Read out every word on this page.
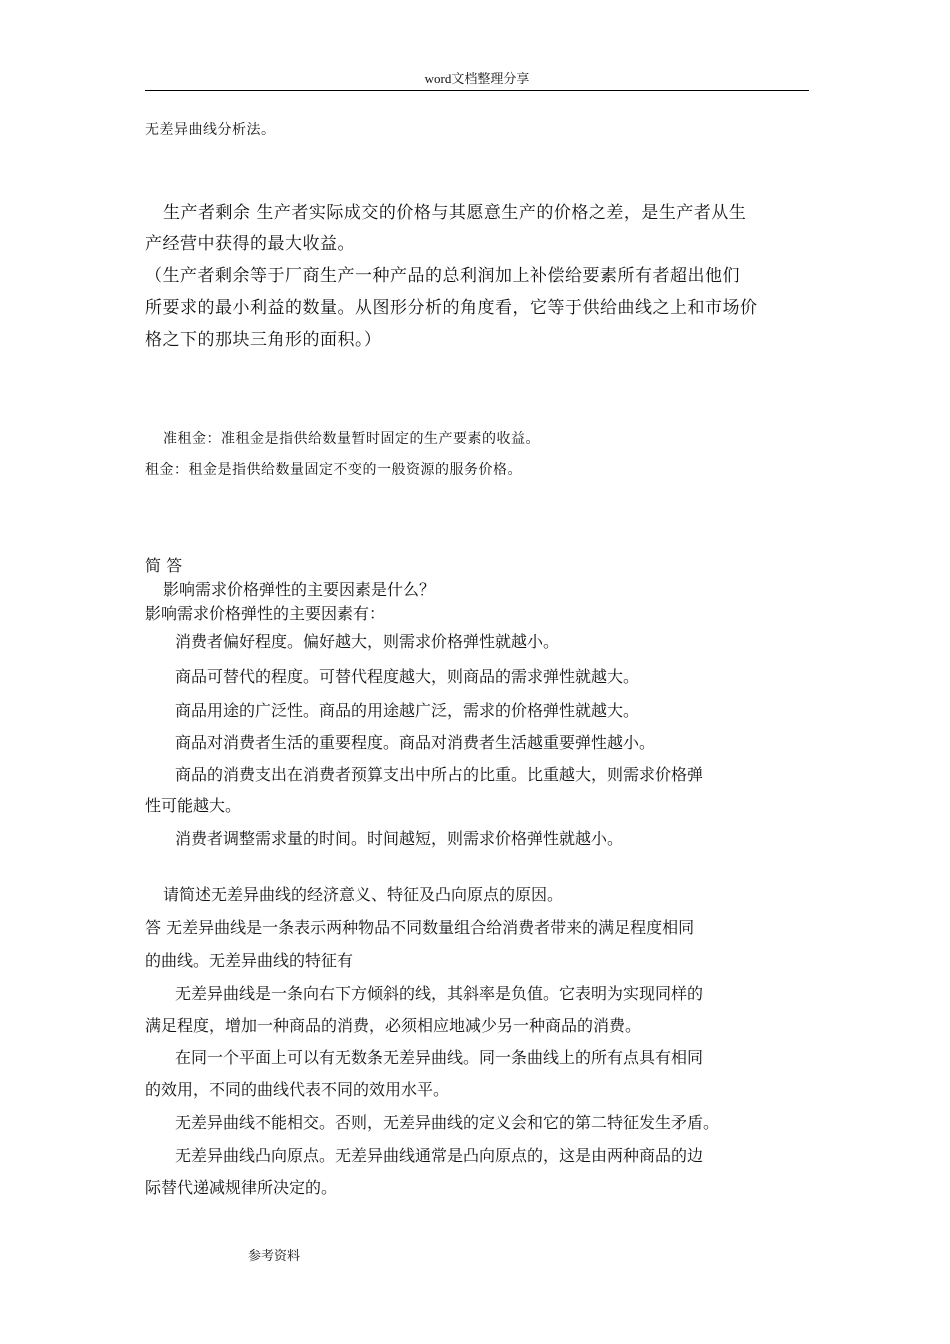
word文档整理分享
无差异曲线分析法。
生产者剩余 生产者实际成交的价格与其愿意生产的价格之差，是生产者从生
产经营中获得的最大收益。
（生产者剩余等于厂商生产一种产品的总利润加上补偿给要素所有者超出他们
所要求的最小利益的数量。从图形分析的角度看，它等于供给曲线之上和市场价
格之下的那块三角形的面积。）
准租金：准租金是指供给数量暂时固定的生产要素的收益。
租金：租金是指供给数量固定不变的一般资源的服务价格。
简 答
影响需求价格弹性的主要因素是什么？
影响需求价格弹性的主要因素有：
消费者偏好程度。偏好越大，则需求价格弹性就越小。
商品可替代的程度。可替代程度越大，则商品的需求弹性就越大。
商品用途的广泛性。商品的用途越广泛，需求的价格弹性就越大。
商品对消费者生活的重要程度。商品对消费者生活越重要弹性越小。
商品的消费支出在消费者预算支出中所占的比重。比重越大，则需求价格弹
性可能越大。
消费者调整需求量的时间。时间越短，则需求价格弹性就越小。
请简述无差异曲线的经济意义、特征及凸向原点的原因。
答 无差异曲线是一条表示两种物品不同数量组合给消费者带来的满足程度相同
的曲线。无差异曲线的特征有
无差异曲线是一条向右下方倾斜的线，其斜率是负值。它表明为实现同样的
满足程度，增加一种商品的消费，必须相应地减少另一种商品的消费。
在同一个平面上可以有无数条无差异曲线。同一条曲线上的所有点具有相同
的效用，不同的曲线代表不同的效用水平。
无差异曲线不能相交。否则，无差异曲线的定义会和它的第二特征发生矛盾。
无差异曲线凸向原点。无差异曲线通常是凸向原点的，这是由两种商品的边
际替代递减规律所决定的。
参考资料
